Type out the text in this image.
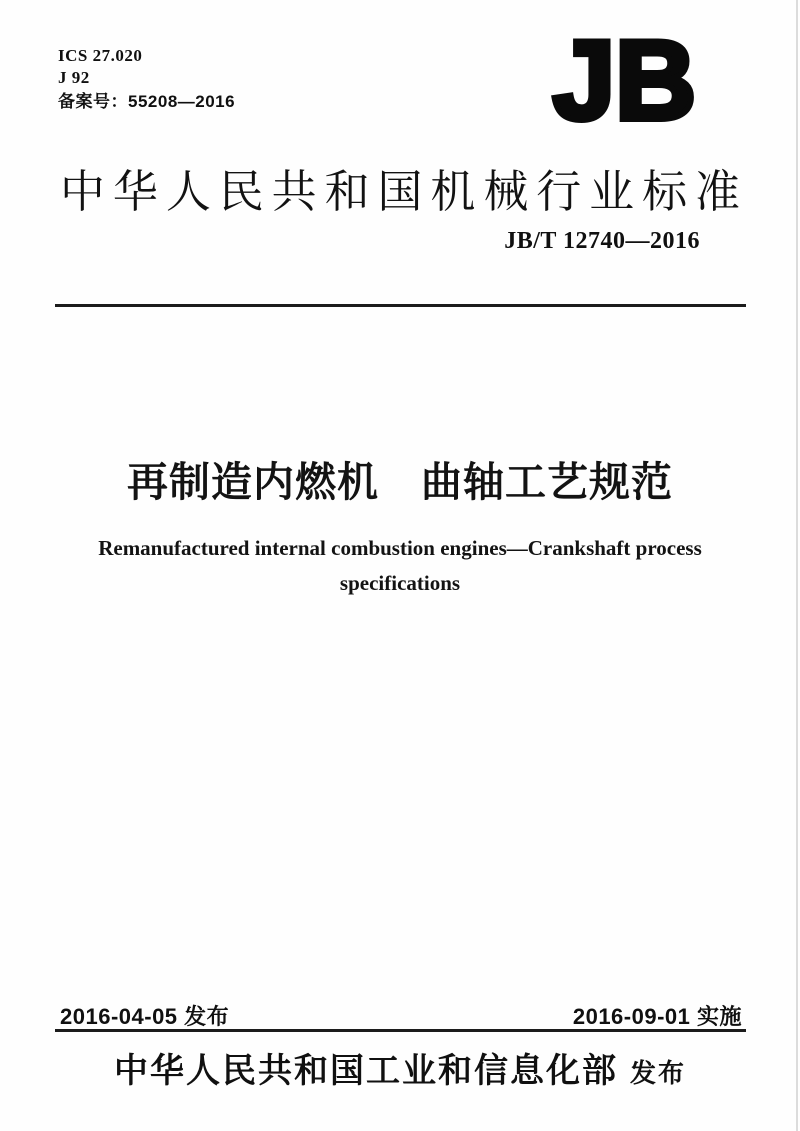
ICS 27.020
J 92
备案号：55208—2016	JB
中华人民共和国机械行业标准
JB/T 12740—2016
再制造内燃机　曲轴工艺规范
Remanufactured internal combustion engines—Crankshaft process
specifications
2016-04-05 发布	2016-09-01 实施
中华人民共和国工业和信息化部 发布
